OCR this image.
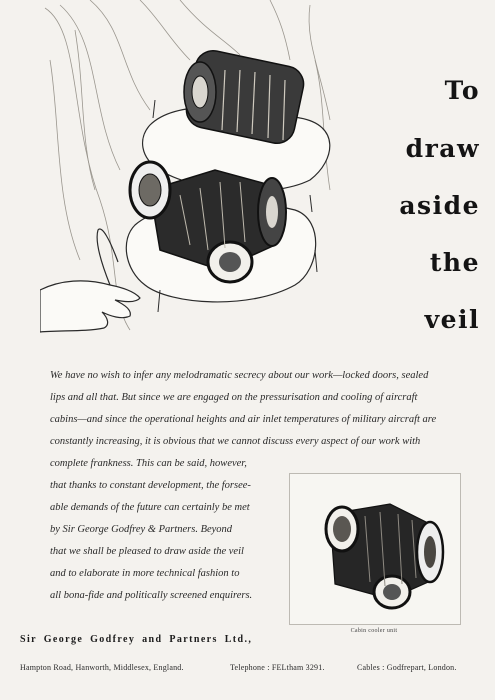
To
draw
aside
the
veil
We have no wish to infer any melodramatic secrecy about our work—locked doors, sealed
lips and all that. But since we are engaged on the pressurisation and cooling of aircraft
cabins—and since the operational heights and air inlet temperatures of military aircraft are
constantly increasing, it is obvious that we cannot discuss every aspect of our work with
complete frankness. This can be said, however,
that thanks to constant development, the forsee-
able demands of the future can certainly be met
by Sir George Godfrey & Partners. Beyond
that we shall be pleased to draw aside the veil
and to elaborate in more technical fashion to
all bona-fide and politically screened enquirers.
Cabin cooler unit
Sir George Godfrey and Partners Ltd.,
Hampton Road, Hanworth, Middlesex, England.	Telephone : FELtham 3291.	Cables : Godfrepart, London.
